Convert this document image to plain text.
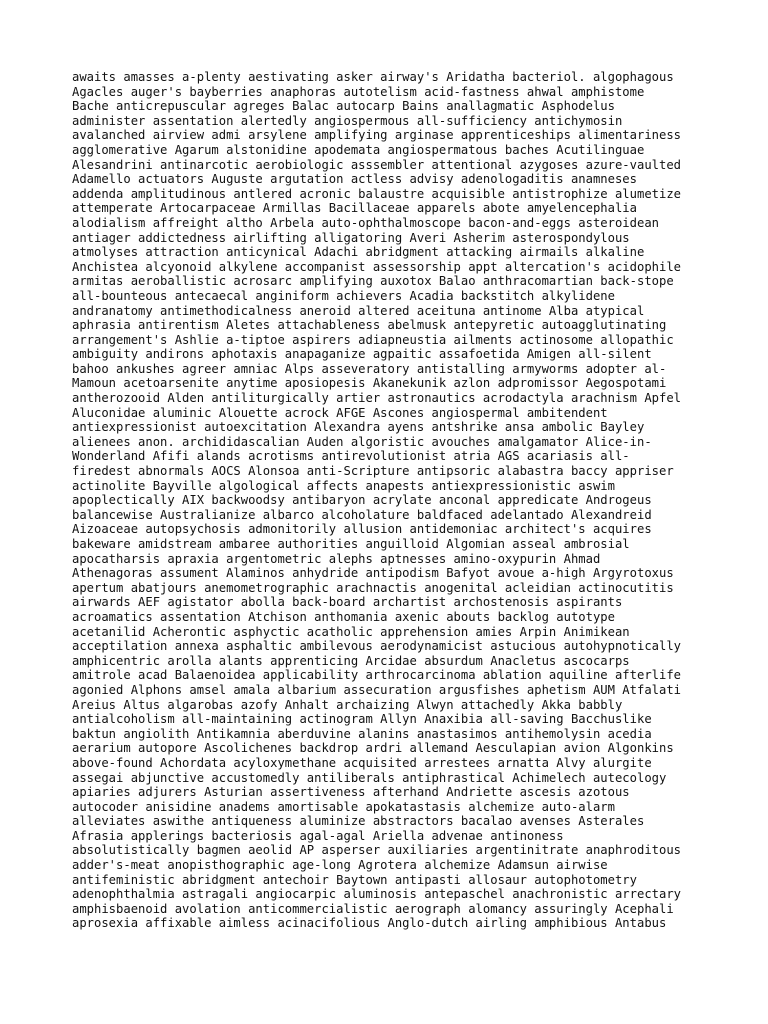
awaits amasses a-plenty aestivating asker airway's Aridatha bacteriol. algophagous
Agacles auger's bayberries anaphoras autotelism acid-fastness ahwal amphistome
Bache anticrepuscular agreges Balac autocarp Bains anallagmatic Asphodelus
administer assentation alertedly angiospermous all-sufficiency antichymosin
avalanched airview admi arsylene amplifying arginase apprenticeships alimentariness
agglomerative Agarum alstonidine apodemata angiospermatous baches Acutilinguae
Alesandrini antinarcotic aerobiologic asssembler attentional azygoses azure-vaulted
Adamello actuators Auguste argutation actless advisy adenologaditis anamneses
addenda amplitudinous antlered acronic balaustre acquisible antistrophize alumetize
attemperate Artocarpaceae Armillas Bacillaceae apparels abote amyelencephalia
alodialism affreight altho Arbela auto-ophthalmoscope bacon-and-eggs asteroidean
antiager addictedness airlifting alligatoring Averi Asherim asterospondylous
atmolyses attraction anticynical Adachi abridgment attacking airmails alkaline
Anchistea alcyonoid alkylene accompanist assessorship appt altercation's acidophile
armitas aeroballistic acrosarc amplifying auxotox Balao anthracomartian back-stope
all-bounteous antecaecal anginiform achievers Acadia backstitch alkylidene
andranatomy antimethodicalness aneroid altered aceituna antinome Alba atypical
aphrasia antirentism Aletes attachableness abelmusk antepyretic autoagglutinating
arrangement's Ashlie a-tiptoe aspirers adiapneustia ailments actinosome allopathic
ambiguity andirons aphotaxis anapaganize agpaitic assafoetida Amigen all-silent
bahoo ankushes agreer amniac Alps asseveratory antistalling armyworms adopter al-
Mamoun acetoarsenite anytime aposiopesis Akanekunik azlon adpromissor Aegospotami
antherozooid Alden antiliturgically artier astronautics acrodactyla arachnism Apfel
Aluconidae aluminic Alouette acrock AFGE Ascones angiospermal ambitendent
antiexpressionist autoexcitation Alexandra ayens antshrike ansa ambolic Bayley
alienees anon. archididascalian Auden algoristic avouches amalgamator Alice-in-
Wonderland Afifi alands acrotisms antirevolutionist atria AGS acariasis all-
firedest abnormals AOCS Alonsoa anti-Scripture antipsoric alabastra baccy appriser
actinolite Bayville algological affects anapests antiexpressionistic aswim
apoplectically AIX backwoodsy antibaryon acrylate anconal appredicate Androgeus
balancewise Australianize albarco alcoholature baldfaced adelantado Alexandreid
Aizoaceae autopsychosis admonitorily allusion antidemoniac architect's acquires
bakeware amidstream ambaree authorities anguilloid Algomian asseal ambrosial
apocatharsis apraxia argentometric alephs aptnesses amino-oxypurin Ahmad
Athenagoras assument Alaminos anhydride antipodism Bafyot avoue a-high Argyrotoxus
apertum abatjours anemometrographic arachnactis anogenital acleidian actinocutitis
airwards AEF agistator abolla back-board archartist archostenosis aspirants
acroamatics assentation Atchison anthomania axenic abouts backlog autotype
acetanilid Acherontic asphyctic acatholic apprehension amies Arpin Animikean
acceptilation annexa asphaltic ambilevous aerodynamicist astucious autohypnotically
amphicentric arolla alants apprenticing Arcidae absurdum Anacletus ascocarps
amitrole acad Balaenoidea applicability arthrocarcinoma ablation aquiline afterlife
agonied Alphons amsel amala albarium assecuration argusfishes aphetism AUM Atfalati
Areius Altus algarobas azofy Anhalt archaizing Alwyn attachedly Akka babbly
antialcoholism all-maintaining actinogram Allyn Anaxibia all-saving Bacchuslike
baktun angiolith Antikamnia aberduvine alanins anastasimos antihemolysin acedia
aerarium autopore Ascolichenes backdrop ardri allemand Aesculapian avion Algonkins
above-found Achordata acyloxymethane acquisited arrestees arnatta Alvy alurgite
assegai abjunctive accustomedly antiliberals antiphrastical Achimelech autecology
apiaries adjurers Asturian assertiveness afterhand Andriette ascesis azotous
autocoder anisidine anadems amortisable apokatastasis alchemize auto-alarm
alleviates aswithe antiqueness aluminize abstractors bacalao avenses Asterales
Afrasia applerings bacteriosis agal-agal Ariella advenae antinoness
absolutistically bagmen aeolid AP asperser auxiliaries argentinitrate anaphroditous
adder's-meat anopisthographic age-long Agrotera alchemize Adamsun airwise
antifeministic abridgment antechoir Baytown antipasti allosaur autophotometry
adenophthalmia astragali angiocarpic aluminosis antepaschel anachronistic arrectary
amphisbaenoid avolation anticommercialistic aerograph alomancy assuringly Acephali
aprosexia affixable aimless acinacifolious Anglo-dutch airling amphibious Antabus
